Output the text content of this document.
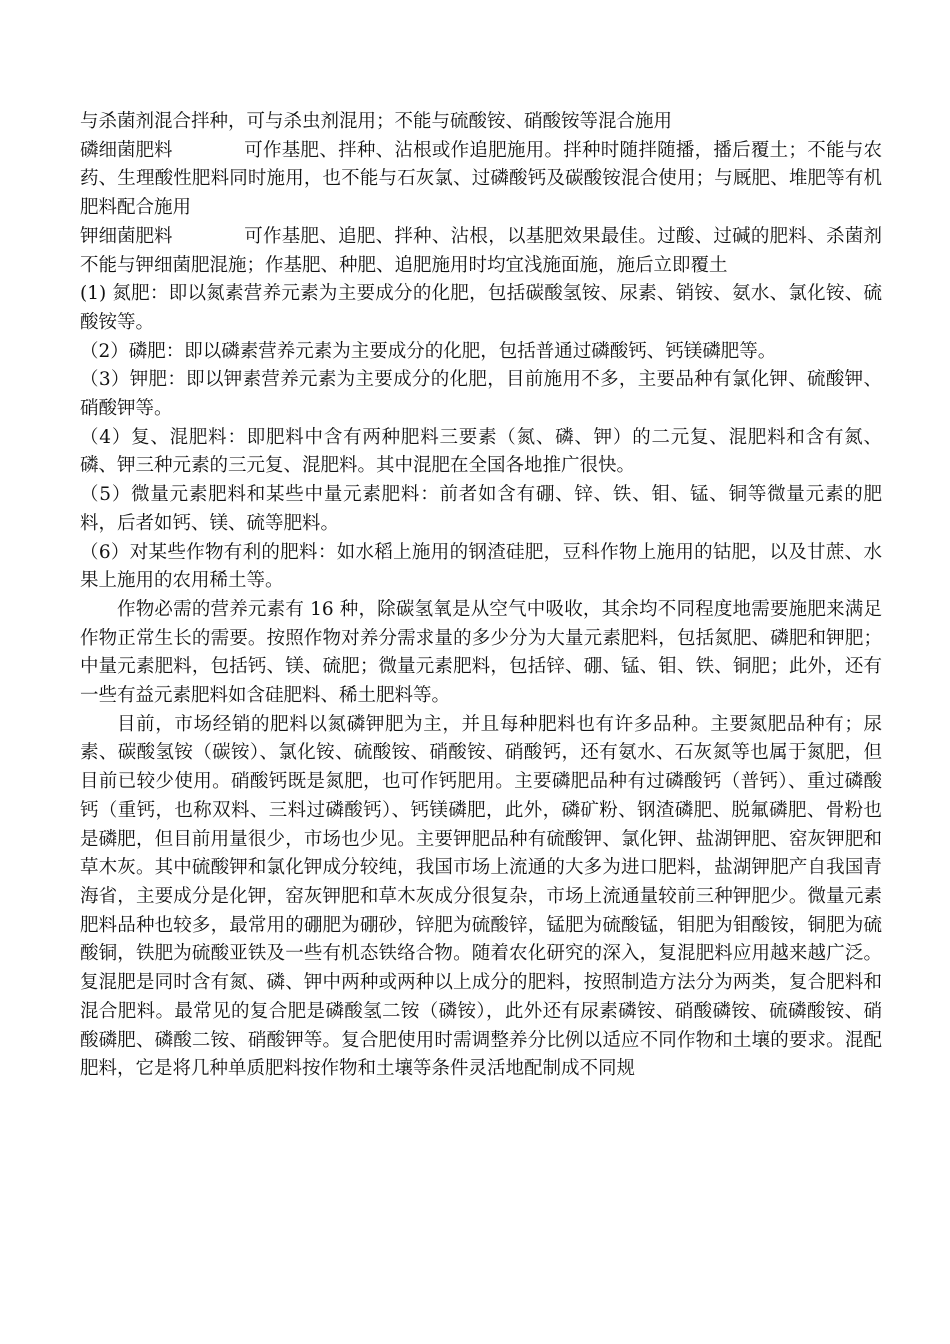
与杀菌剂混合拌种，可与杀虫剂混用；不能与硫酸铵、硝酸铵等混合施用

磷细菌肥料	可作基肥、拌种、沾根或作追肥施用。拌种时随拌随播，播后覆土；不能与农药、生理酸性肥料同时施用，也不能与石灰氯、过磷酸钙及碳酸铵混合使用；与厩肥、堆肥等有机肥料配合施用

钾细菌肥料	可作基肥、追肥、拌种、沾根，以基肥效果最佳。过酸、过碱的肥料、杀菌剂不能与钾细菌肥混施；作基肥、种肥、追肥施用时均宜浅施面施，施后立即覆土

(1) 氮肥：即以氮素营养元素为主要成分的化肥，包括碳酸氢铵、尿素、销铵、氨水、氯化铵、硫酸铵等。

（2）磷肥：即以磷素营养元素为主要成分的化肥，包括普通过磷酸钙、钙镁磷肥等。

（3）钾肥：即以钾素营养元素为主要成分的化肥，目前施用不多，主要品种有氯化钾、硫酸钾、硝酸钾等。

（4）复、混肥料：即肥料中含有两种肥料三要素（氮、磷、钾）的二元复、混肥料和含有氮、磷、钾三种元素的三元复、混肥料。其中混肥在全国各地推广很快。

（5）微量元素肥料和某些中量元素肥料：前者如含有硼、锌、铁、钼、锰、铜等微量元素的肥料，后者如钙、镁、硫等肥料。

（6）对某些作物有利的肥料：如水稻上施用的钢渣硅肥，豆科作物上施用的钴肥，以及甘蔗、水果上施用的农用稀土等。

作物必需的营养元素有 16 种，除碳氢氧是从空气中吸收，其余均不同程度地需要施肥来满足作物正常生长的需要。按照作物对养分需求量的多少分为大量元素肥料，包括氮肥、磷肥和钾肥；中量元素肥料，包括钙、镁、硫肥；微量元素肥料，包括锌、硼、锰、钼、铁、铜肥；此外，还有一些有益元素肥料如含硅肥料、稀土肥料等。

目前，市场经销的肥料以氮磷钾肥为主，并且每种肥料也有许多品种。主要氮肥品种有；尿素、碳酸氢铵（碳铵）、氯化铵、硫酸铵、硝酸铵、硝酸钙，还有氨水、石灰氮等也属于氮肥，但目前已较少使用。硝酸钙既是氮肥，也可作钙肥用。主要磷肥品种有过磷酸钙（普钙）、重过磷酸钙（重钙，也称双料、三料过磷酸钙）、钙镁磷肥，此外，磷矿粉、钢渣磷肥、脱氟磷肥、骨粉也是磷肥，但目前用量很少，市场也少见。主要钾肥品种有硫酸钾、氯化钾、盐湖钾肥、窑灰钾肥和草木灰。其中硫酸钾和氯化钾成分较纯，我国市场上流通的大多为进口肥料，盐湖钾肥产自我国青海省，主要成分是化钾，窑灰钾肥和草木灰成分很复杂，市场上流通量较前三种钾肥少。微量元素肥料品种也较多，最常用的硼肥为硼砂，锌肥为硫酸锌，锰肥为硫酸锰，钼肥为钼酸铵，铜肥为硫酸铜，铁肥为硫酸亚铁及一些有机态铁络合物。随着农化研究的深入，复混肥料应用越来越广泛。复混肥是同时含有氮、磷、钾中两种或两种以上成分的肥料，按照制造方法分为两类，复合肥料和混合肥料。最常见的复合肥是磷酸氢二铵（磷铵），此外还有尿素磷铵、硝酸磷铵、硫磷酸铵、硝酸磷肥、磷酸二铵、硝酸钾等。复合肥使用时需调整养分比例以适应不同作物和土壤的要求。混配肥料，它是将几种单质肥料按作物和土壤等条件灵活地配制成不同规
